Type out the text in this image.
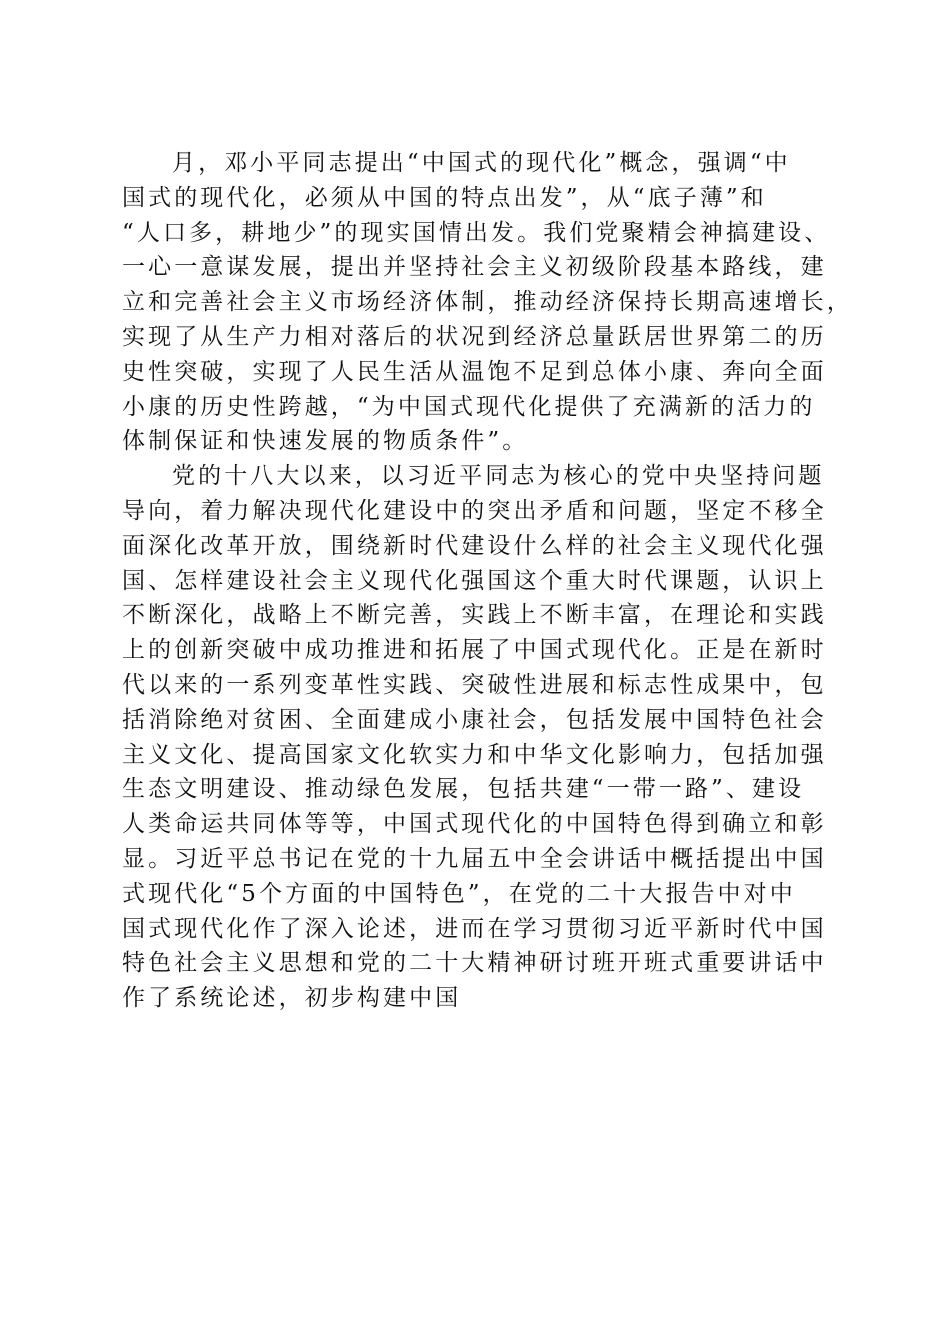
月，邓小平同志提出“中国式的现代化”概念，强调“中
国式的现代化，必须从中国的特点出发”，从“底子薄”和
“人口多，耕地少”的现实国情出发。我们党聚精会神搞建设、
一心一意谋发展，提出并坚持社会主义初级阶段基本路线，建
立和完善社会主义市场经济体制，推动经济保持长期高速增长，
实现了从生产力相对落后的状况到经济总量跃居世界第二的历
史性突破，实现了人民生活从温饱不足到总体小康、奔向全面
小康的历史性跨越，“为中国式现代化提供了充满新的活力的
体制保证和快速发展的物质条件”。
党的十八大以来，以习近平同志为核心的党中央坚持问题
导向，着力解决现代化建设中的突出矛盾和问题，坚定不移全
面深化改革开放，围绕新时代建设什么样的社会主义现代化强
国、怎样建设社会主义现代化强国这个重大时代课题，认识上
不断深化，战略上不断完善，实践上不断丰富，在理论和实践
上的创新突破中成功推进和拓展了中国式现代化。正是在新时
代以来的一系列变革性实践、突破性进展和标志性成果中，包
括消除绝对贫困、全面建成小康社会，包括发展中国特色社会
主义文化、提高国家文化软实力和中华文化影响力，包括加强
生态文明建设、推动绿色发展，包括共建“一带一路”、建设
人类命运共同体等等，中国式现代化的中国特色得到确立和彰
显。习近平总书记在党的十九届五中全会讲话中概括提出中国
式现代化“5个方面的中国特色”，在党的二十大报告中对中
国式现代化作了深入论述，进而在学习贯彻习近平新时代中国
特色社会主义思想和党的二十大精神研讨班开班式重要讲话中
作了系统论述，初步构建中国
